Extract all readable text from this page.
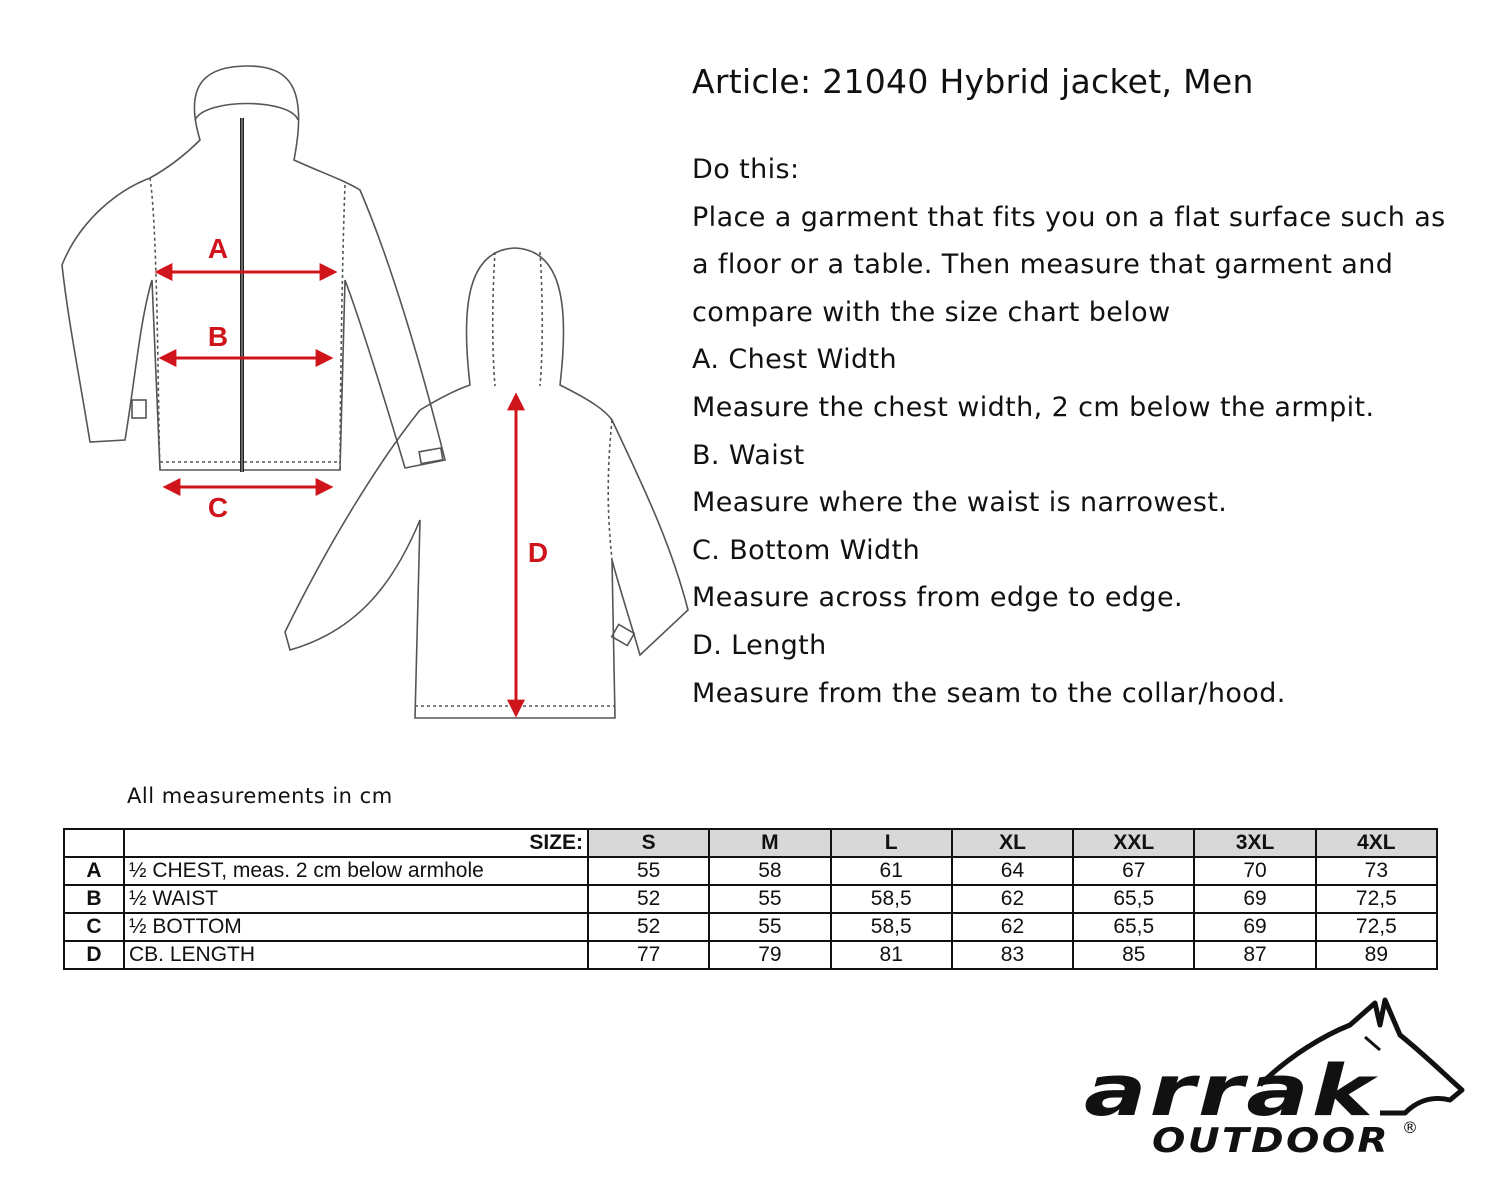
A
B
C
D
Article: 21040 Hybrid jacket, Men

Do this:

Place a garment that fits you on a flat surface such as a floor or a table. Then measure that garment and compare with the size chart below

A. Chest Width

Measure the chest width, 2 cm below the armpit.

B. Waist

Measure where the waist is narrowest.

C. Bottom Width

Measure across from edge to edge.

D. Length

Measure from the seam to the collar/hood.

All measurements in cm
	SIZE:	S	M	L	XL	XXL	3XL	4XL
A	½ CHEST, meas. 2 cm below armhole	55	58	61	64	67	70	73
B	½ WAIST	52	55	58,5	62	65,5	69	72,5
C	½ BOTTOM	52	55	58,5	62	65,5	69	72,5
D	CB. LENGTH	77	79	81	83	85	87	89
arrak
OUTDOOR ®
